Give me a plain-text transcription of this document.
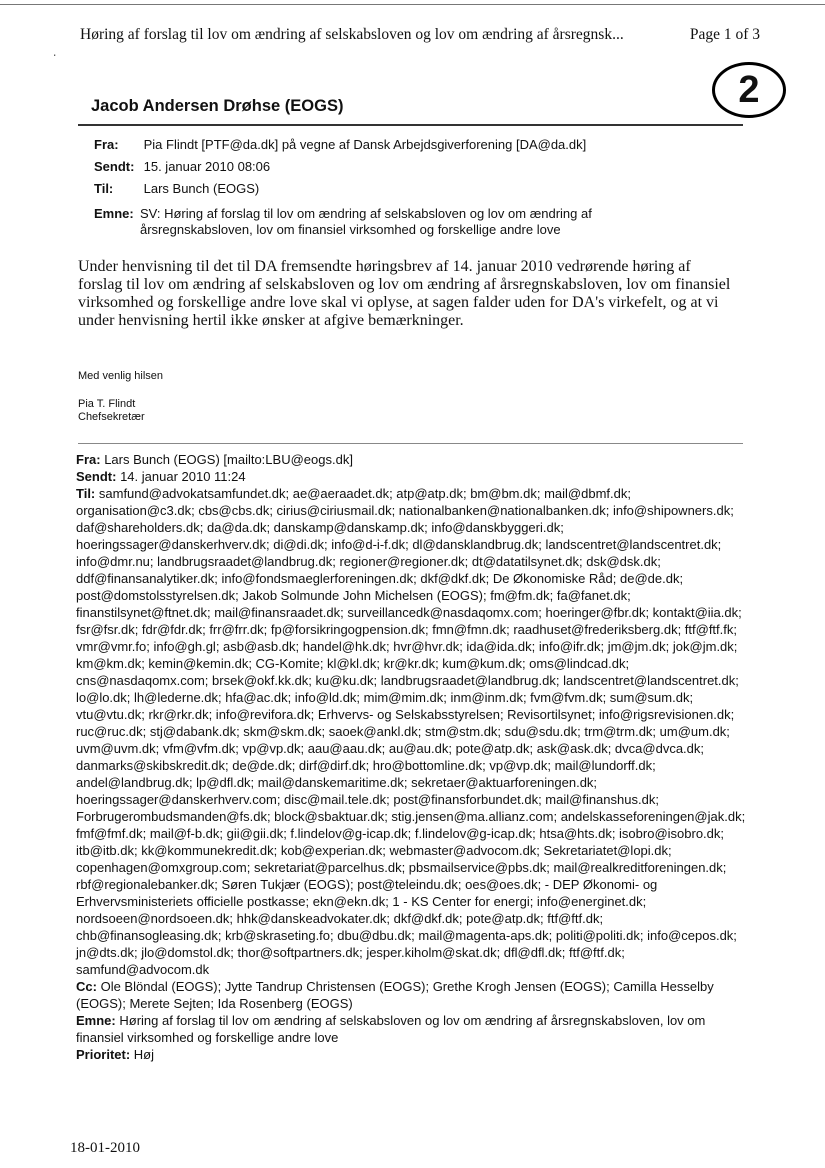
Høring af forslag til lov om ændring af selskabsloven og lov om ændring af årsregnsk...	Page 1 of 3
٠
2
Jacob Andersen Drøhse (EOGS)
Fra: Pia Flindt [PTF@da.dk] på vegne af Dansk Arbejdsgiverforening [DA@da.dk]
Sendt: 15. januar 2010 08:06
Til: Lars Bunch (EOGS)
Emne: SV: Høring af forslag til lov om ændring af selskabsloven og lov om ændring af årsregnskabsloven, lov om finansiel virksomhed og forskellige andre love
Under henvisning til det til DA fremsendte høringsbrev af 14. januar 2010 vedrørende høring af forslag til lov om ændring af selskabsloven og lov om ændring af årsregnskabsloven, lov om finansiel virksomhed og forskellige andre love skal vi oplyse, at sagen falder uden for DA's virkefelt, og at vi under henvisning hertil ikke ønsker at afgive bemærkninger.
Med venlig hilsen
Pia T. Flindt
Chefsekretær

Fra: Lars Bunch (EOGS) [mailto:LBU@eogs.dk]

Sendt: 14. januar 2010 11:24

Til: samfund@advokatsamfundet.dk; ae@aeraadet.dk; atp@atp.dk; bm@bm.dk; mail@dbmf.dk; organisation@c3.dk; cbs@cbs.dk; cirius@ciriusmail.dk; nationalbanken@nationalbanken.dk; info@shipowners.dk; daf@shareholders.dk; da@da.dk; danskamp@danskamp.dk; info@danskbyggeri.dk; hoeringssager@danskerhverv.dk; di@di.dk; info@d-i-f.dk; dl@dansklandbrug.dk; landscentret@landscentret.dk; info@dmr.nu; landbrugsraadet@landbrug.dk; regioner@regioner.dk; dt@datatilsynet.dk; dsk@dsk.dk; ddf@finansanalytiker.dk; info@fondsmaeglerforeningen.dk; dkf@dkf.dk; De Økonomiske Råd; de@de.dk; post@domstolsstyrelsen.dk; Jakob Solmunde John Michelsen (EOGS); fm@fm.dk; fa@fanet.dk; finanstilsynet@ftnet.dk; mail@finansraadet.dk; surveillancedk@nasdaqomx.com; hoeringer@fbr.dk; kontakt@iia.dk; fsr@fsr.dk; fdr@fdr.dk; frr@frr.dk; fp@forsikringogpension.dk; fmn@fmn.dk; raadhuset@frederiksberg.dk; ftf@ftf.fk; vmr@vmr.fo; info@gh.gl; asb@asb.dk; handel@hk.dk; hvr@hvr.dk; ida@ida.dk; info@ifr.dk; jm@jm.dk; jok@jm.dk; km@km.dk; kemin@kemin.dk; CG-Komite; kl@kl.dk; kr@kr.dk; kum@kum.dk; oms@lindcad.dk; cns@nasdaqomx.com; brsek@okf.kk.dk; ku@ku.dk; landbrugsraadet@landbrug.dk; landscentret@landscentret.dk; lo@lo.dk; lh@lederne.dk; hfa@ac.dk; info@ld.dk; mim@mim.dk; inm@inm.dk; fvm@fvm.dk; sum@sum.dk; vtu@vtu.dk; rkr@rkr.dk; info@revifora.dk; Erhvervs- og Selskabsstyrelsen; Revisortilsynet; info@rigsrevisionen.dk; ruc@ruc.dk; stj@dabank.dk; skm@skm.dk; saoek@ankl.dk; stm@stm.dk; sdu@sdu.dk; trm@trm.dk; um@um.dk; uvm@uvm.dk; vfm@vfm.dk; vp@vp.dk; aau@aau.dk; au@au.dk; pote@atp.dk; ask@ask.dk; dvca@dvca.dk; danmarks@skibskredit.dk; de@de.dk; dirf@dirf.dk; hro@bottomline.dk; vp@vp.dk; mail@lundorff.dk; andel@landbrug.dk; lp@dfl.dk; mail@danskemaritime.dk; sekretaer@aktuarforeningen.dk; hoeringssager@danskerhverv.com; disc@mail.tele.dk; post@finansforbundet.dk; mail@finanshus.dk; Forbrugerombudsmanden@fs.dk; block@sbaktuar.dk; stig.jensen@ma.allianz.com; andelskasseforeningen@jak.dk; fmf@fmf.dk; mail@f-b.dk; gii@gii.dk; f.lindelov@g-icap.dk; f.lindelov@g-icap.dk; htsa@hts.dk; isobro@isobro.dk; itb@itb.dk; kk@kommunekredit.dk; kob@experian.dk; webmaster@advocom.dk; Sekretariatet@lopi.dk; copenhagen@omxgroup.com; sekretariat@parcelhus.dk; pbsmailservice@pbs.dk; mail@realkreditforeningen.dk; rbf@regionalebanker.dk; Søren Tukjær (EOGS); post@teleindu.dk; oes@oes.dk; - DEP Økonomi- og Erhvervsministeriets officielle postkasse; ekn@ekn.dk; 1 - KS Center for energi; info@energinet.dk; nordsoeen@nordsoeen.dk; hhk@danskeadvokater.dk; dkf@dkf.dk; pote@atp.dk; ftf@ftf.dk; chb@finansogleasing.dk; krb@skraseting.fo; dbu@dbu.dk; mail@magenta-aps.dk; politi@politi.dk; info@cepos.dk; jn@dts.dk; jlo@domstol.dk; thor@softpartners.dk; jesper.kiholm@skat.dk; dfl@dfl.dk; ftf@ftf.dk; samfund@advocom.dk

Cc: Ole Blöndal (EOGS); Jytte Tandrup Christensen (EOGS); Grethe Krogh Jensen (EOGS); Camilla Hesselby (EOGS); Merete Sejten; Ida Rosenberg (EOGS)

Emne: Høring af forslag til lov om ændring af selskabsloven og lov om ændring af årsregnskabsloven, lov om finansiel virksomhed og forskellige andre love

Prioritet: Høj

18-01-2010
